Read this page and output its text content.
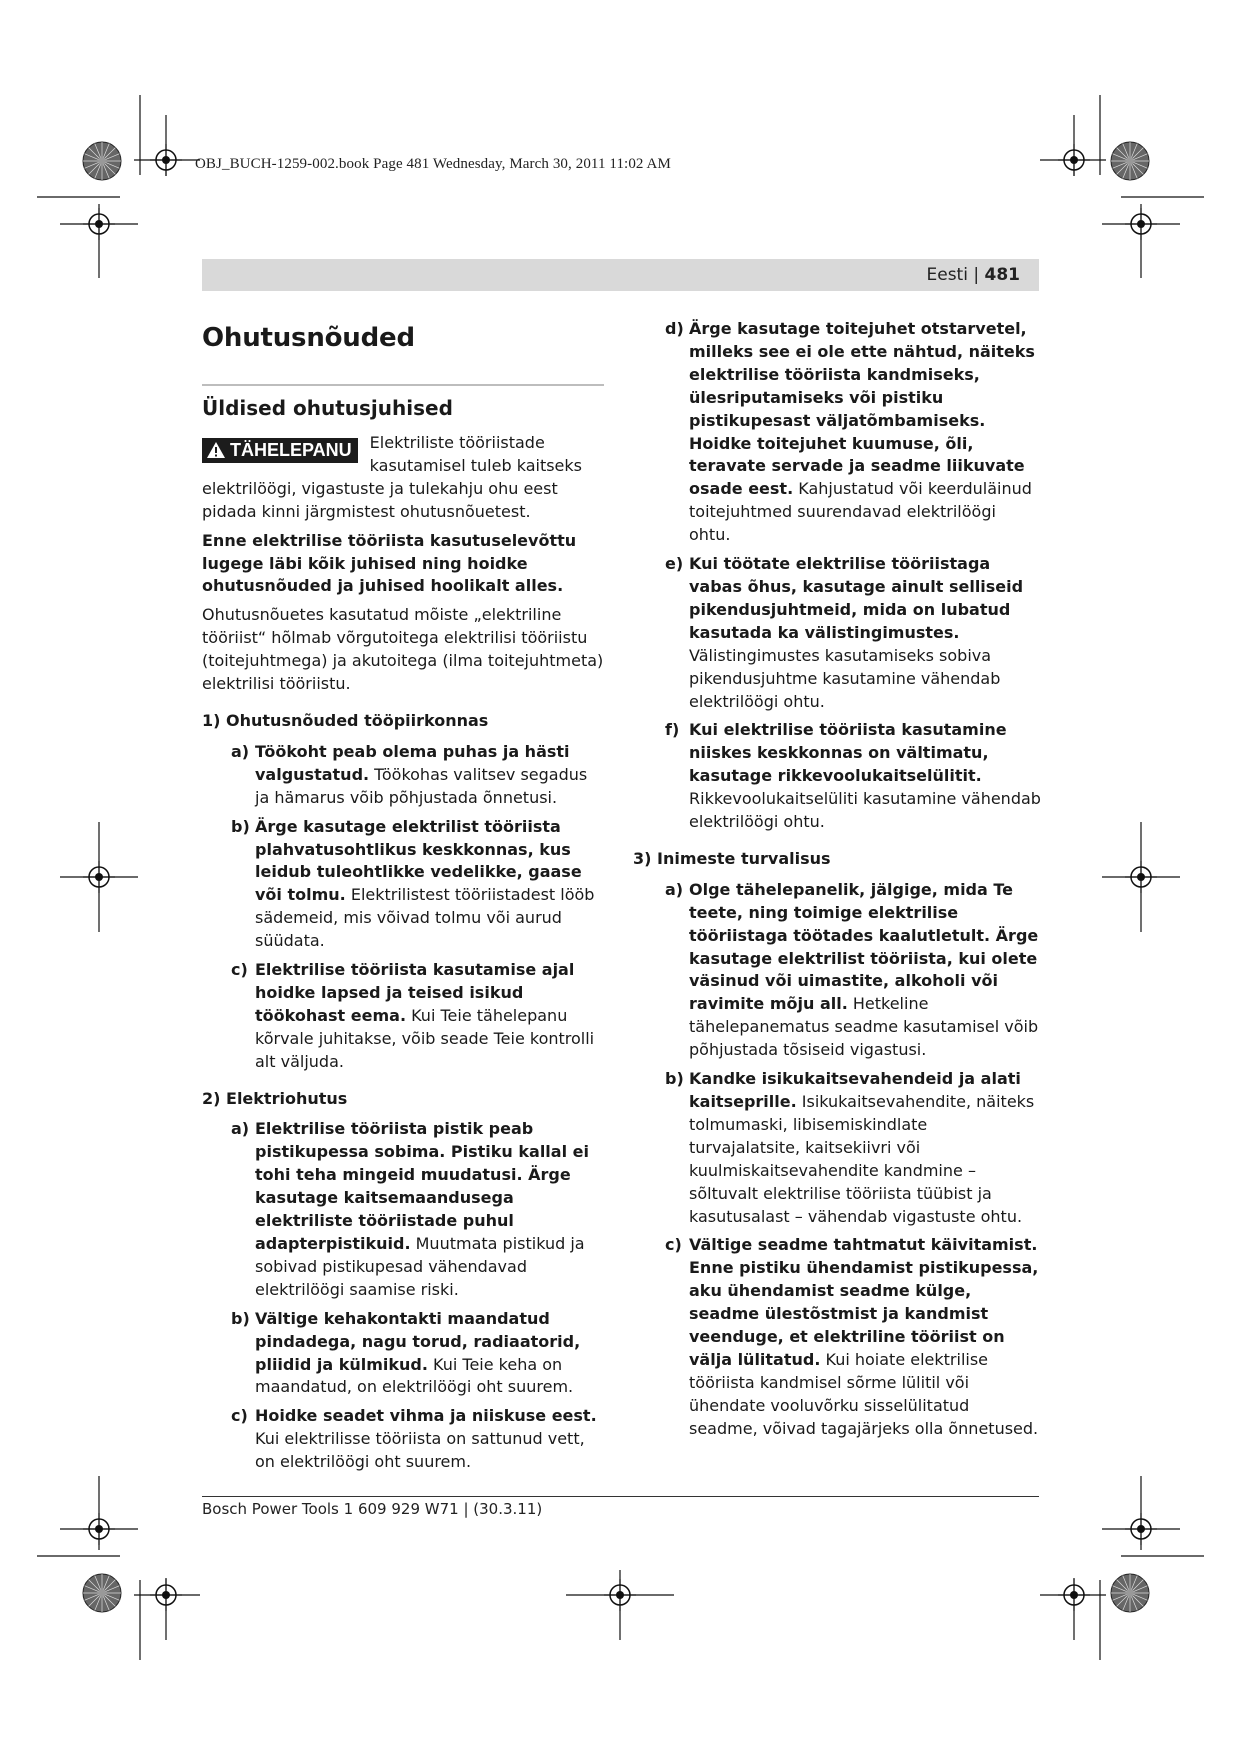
OBJ_BUCH-1259-002.book Page 481 Wednesday, March 30, 2011 11:02 AM
Eesti | 481
Ohutusnõuded
Üldised ohutusjuhised
TÄHELEPANU	Elektriliste tööriistade kasutamisel tuleb kaitseks elektrilöögi, vigastuste ja tulekahju ohu eest pidada kinni järgmistest ohutusnõuetest.

Enne elektrilise tööriista kasutuselevõttu lugege läbi kõik juhised ning hoidke ohutusnõuded ja juhised hoolikalt alles.

Ohutusnõuetes kasutatud mõiste „elektriline tööriist“ hõlmab võrgutoitega elektrilisi tööriistu (toitejuhtmega) ja akutoitega (ilma toitejuhtmeta) elektrilisi tööriistu.

1) Ohutusnõuded tööpiirkonnas
a) Töökoht peab olema puhas ja hästi valgustatud. Töökohas valitsev segadus ja hämarus võib põhjustada õnnetusi.
b) Ärge kasutage elektrilist tööriista plahvatusohtlikus keskkonnas, kus leidub tuleohtlikke vedelikke, gaase või tolmu. Elektrilistest tööriistadest lööb sädemeid, mis võivad tolmu või aurud süüdata.
c) Elektrilise tööriista kasutamise ajal hoidke lapsed ja teised isikud töökohast eema. Kui Teie tähelepanu kõrvale juhitakse, võib seade Teie kontrolli alt väljuda.
2) Elektriohutus
a) Elektrilise tööriista pistik peab pistikupessa sobima. Pistiku kallal ei tohi teha mingeid muudatusi. Ärge kasutage kaitsemaandusega elektriliste tööriistade puhul adapterpistikuid. Muutmata pistikud ja sobivad pistikupesad vähendavad elektrilöögi saamise riski.
b) Vältige kehakontakti maandatud pindadega, nagu torud, radiaatorid, pliidid ja külmikud. Kui Teie keha on maandatud, on elektrilöögi oht suurem.
c) Hoidke seadet vihma ja niiskuse eest. Kui elektrilisse tööriista on sattunud vett, on elektrilöögi oht suurem.
d) Ärge kasutage toitejuhet otstarvetel, milleks see ei ole ette nähtud, näiteks elektrilise tööriista kandmiseks, ülesriputamiseks või pistiku pistikupesast väljatõmbamiseks. Hoidke toitejuhet kuumuse, õli, teravate servade ja seadme liikuvate osade eest. Kahjustatud või keerduläinud toitejuhtmed suurendavad elektrilöögi ohtu.
e) Kui töötate elektrilise tööriistaga vabas õhus, kasutage ainult selliseid pikendusjuhtmeid, mida on lubatud kasutada ka välistingimustes. Välistingimustes kasutamiseks sobiva pikendusjuhtme kasutamine vähendab elektrilöögi ohtu.
f) Kui elektrilise tööriista kasutamine niiskes keskkonnas on vältimatu, kasutage rikkevoolukaitselülitit. Rikkevoolukaitselüliti kasutamine vähendab elektrilöögi ohtu.
3) Inimeste turvalisus
a) Olge tähelepanelik, jälgige, mida Te teete, ning toimige elektrilise tööriistaga töötades kaalutletult. Ärge kasutage elektrilist tööriista, kui olete väsinud või uimastite, alkoholi või ravimite mõju all. Hetkeline tähelepanematus seadme kasutamisel võib põhjustada tõsiseid vigastusi.
b) Kandke isikukaitsevahendeid ja alati kaitseprille. Isikukaitsevahendite, näiteks tolmumaski, libisemiskindlate turvajalatsite, kaitsekiivri või kuulmiskaitsevahendite kandmine – sõltuvalt elektrilise tööriista tüübist ja kasutusalast – vähendab vigastuste ohtu.
c) Vältige seadme tahtmatut käivitamist. Enne pistiku ühendamist pistikupessa, aku ühendamist seadme külge, seadme ülestõstmist ja kandmist veenduge, et elektriline tööriist on välja lülitatud. Kui hoiate elektrilise tööriista kandmisel sõrme lülitil või ühendate vooluvõrku sisselülitatud seadme, võivad tagajärjeks olla õnnetused.
Bosch Power Tools 1 609 929 W71 | (30.3.11)
